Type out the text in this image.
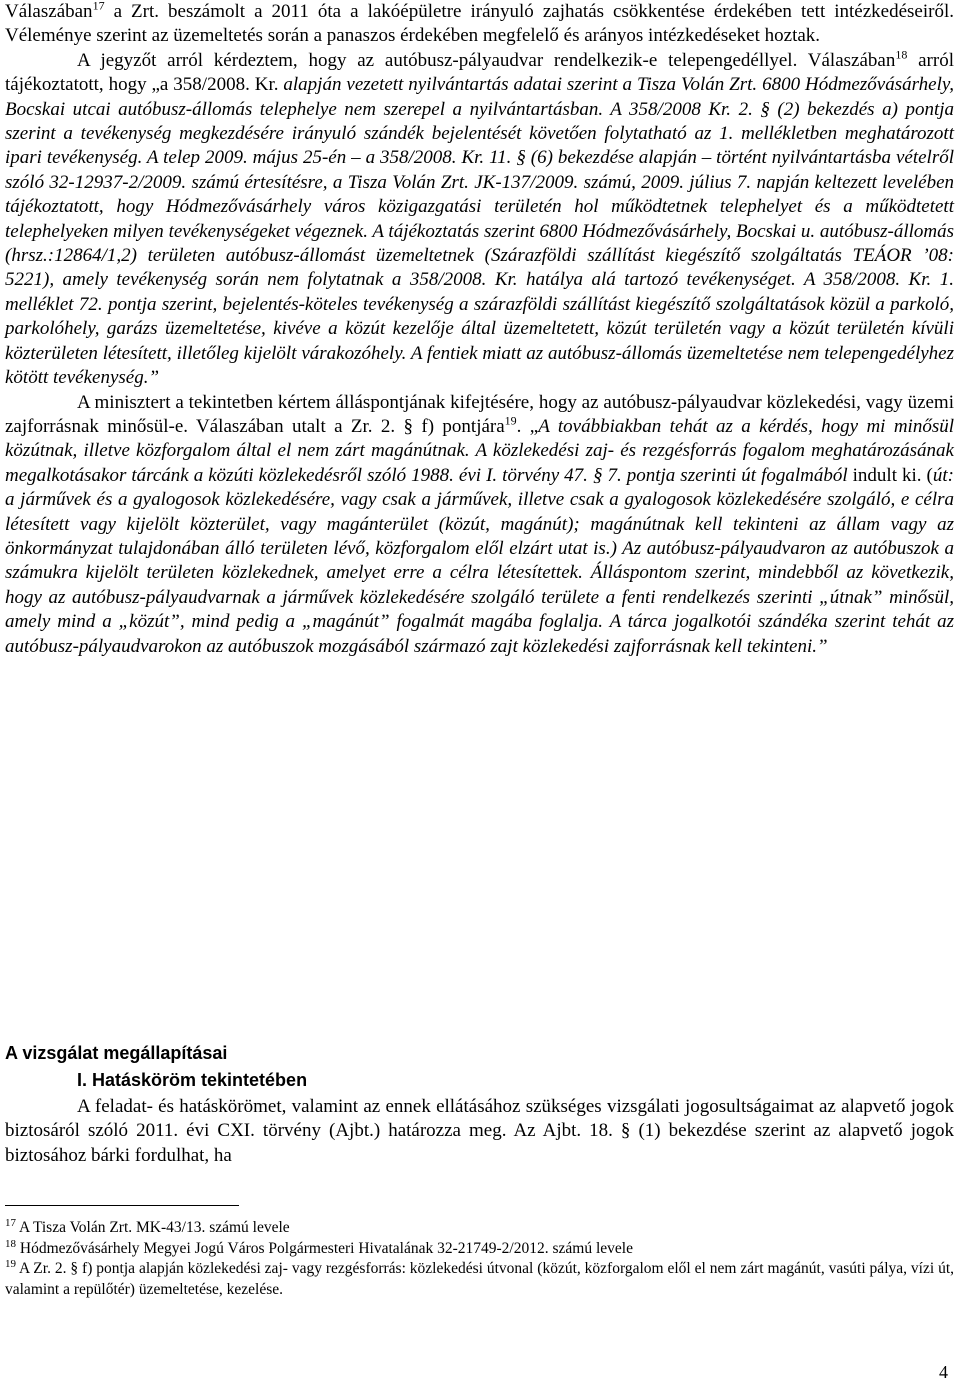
Válaszában$^{17}$ a Zrt. beszámolt a 2011 óta a lakóépületre irányuló zajhatás csökkentése érdekében tett intézkedéseiről. Véleménye szerint az üzemeltetés során a panaszos érdekében megfelelő és arányos intézkedéseket hoztak.

A jegyzőt arról kérdeztem, hogy az autóbusz-pályaudvar rendelkezik-e telepengedéllyel. Válaszában$^{18}$ arról tájékoztatott, hogy „a 358/2008. Kr. alapján vezetett nyilvántartás adatai szerint a Tisza Volán Zrt. 6800 Hódmezővásárhely, Bocskai utcai autóbusz-állomás telephelye nem szerepel a nyilvántartásban. A 358/2008 Kr. 2. § (2) bekezdés a) pontja szerint a tevékenység megkezdésére irányuló szándék bejelentését követően folytatható az 1. mellékletben meghatározott ipari tevékenység. A telep 2009. május 25-én – a 358/2008. Kr. 11. § (6) bekezdése alapján – történt nyilvántartásba vételről szóló 32-12937-2/2009. számú értesítésre, a Tisza Volán Zrt. JK-137/2009. számú, 2009. július 7. napján keltezett levelében tájékoztatott, hogy Hódmezővásárhely város közigazgatási területén hol működtetnek telephelyet és a működtetett telephelyeken milyen tevékenységeket végeznek. A tájékoztatás szerint 6800 Hódmezővásárhely, Bocskai u. autóbusz-állomás (hrsz.:12864/1,2) területen autóbusz-állomást üzemeltetnek (Szárazföldi szállítást kiegészítő szolgáltatás TEÁOR ’08: 5221), amely tevékenység során nem folytatnak a 358/2008. Kr. hatálya alá tartozó tevékenységet. A 358/2008. Kr. 1. melléklet 72. pontja szerint, bejelentés-köteles tevékenység a szárazföldi szállítást kiegészítő szolgáltatások közül a parkoló, parkolóhely, garázs üzemeltetése, kivéve a közút kezelője által üzemeltetett, közút területén vagy a közút területén kívüli közterületen létesített, illetőleg kijelölt várakozóhely. A fentiek miatt az autóbusz-állomás üzemeltetése nem telepengedélyhez kötött tevékenység.”

A minisztert a tekintetben kértem álláspontjának kifejtésére, hogy az autóbusz-pályaudvar közlekedési, vagy üzemi zajforrásnak minősül-e. Válaszában utalt a Zr. 2. § f) pontjára$^{19}$. „A továbbiakban tehát az a kérdés, hogy mi minősül közútnak, illetve közforgalom által el nem zárt magánútnak. A közlekedési zaj- és rezgésforrás fogalom meghatározásának megalkotásakor tárcánk a közúti közlekedésről szóló 1988. évi I. törvény 47. § 7. pontja szerinti út fogalmából indult ki. (út: a járművek és a gyalogosok közlekedésére, vagy csak a járművek, illetve csak a gyalogosok közlekedésére szolgáló, e célra létesített vagy kijelölt közterület, vagy magánterület (közút, magánút); magánútnak kell tekinteni az állam vagy az önkormányzat tulajdonában álló területen lévő, közforgalom elől elzárt utat is.) Az autóbusz-pályaudvaron az autóbuszok a számukra kijelölt területen közlekednek, amelyet erre a célra létesítettek. Álláspontom szerint, mindebből az következik, hogy az autóbusz-pályaudvarnak a járművek közlekedésére szolgáló területe a fenti rendelkezés szerinti „útnak” minősül, amely mind a „közút”, mind pedig a „magánút” fogalmát magába foglalja. A tárca jogalkotói szándéka szerint tehát az autóbusz-pályaudvarokon az autóbuszok mozgásából származó zajt közlekedési zajforrásnak kell tekinteni.”

A vizsgálat megállapításai
I. Hatásköröm tekintetében

A feladat- és hatáskörömet, valamint az ennek ellátásához szükséges vizsgálati jogosultságaimat az alapvető jogok biztosáról szóló 2011. évi CXI. törvény (Ajbt.) határozza meg. Az Ajbt. 18. § (1) bekezdése szerint az alapvető jogok biztosához bárki fordulhat, ha

$^{17}$ A Tisza Volán Zrt. MK-43/13. számú levele

$^{18}$ Hódmezővásárhely Megyei Jogú Város Polgármesteri Hivatalának 32-21749-2/2012. számú levele

$^{19}$ A Zr. 2. § f) pontja alapján közlekedési zaj- vagy rezgésforrás: közlekedési útvonal (közút, közforgalom elől el nem zárt magánút, vasúti pálya, vízi út, valamint a repülőtér) üzemeltetése, kezelése.

4
